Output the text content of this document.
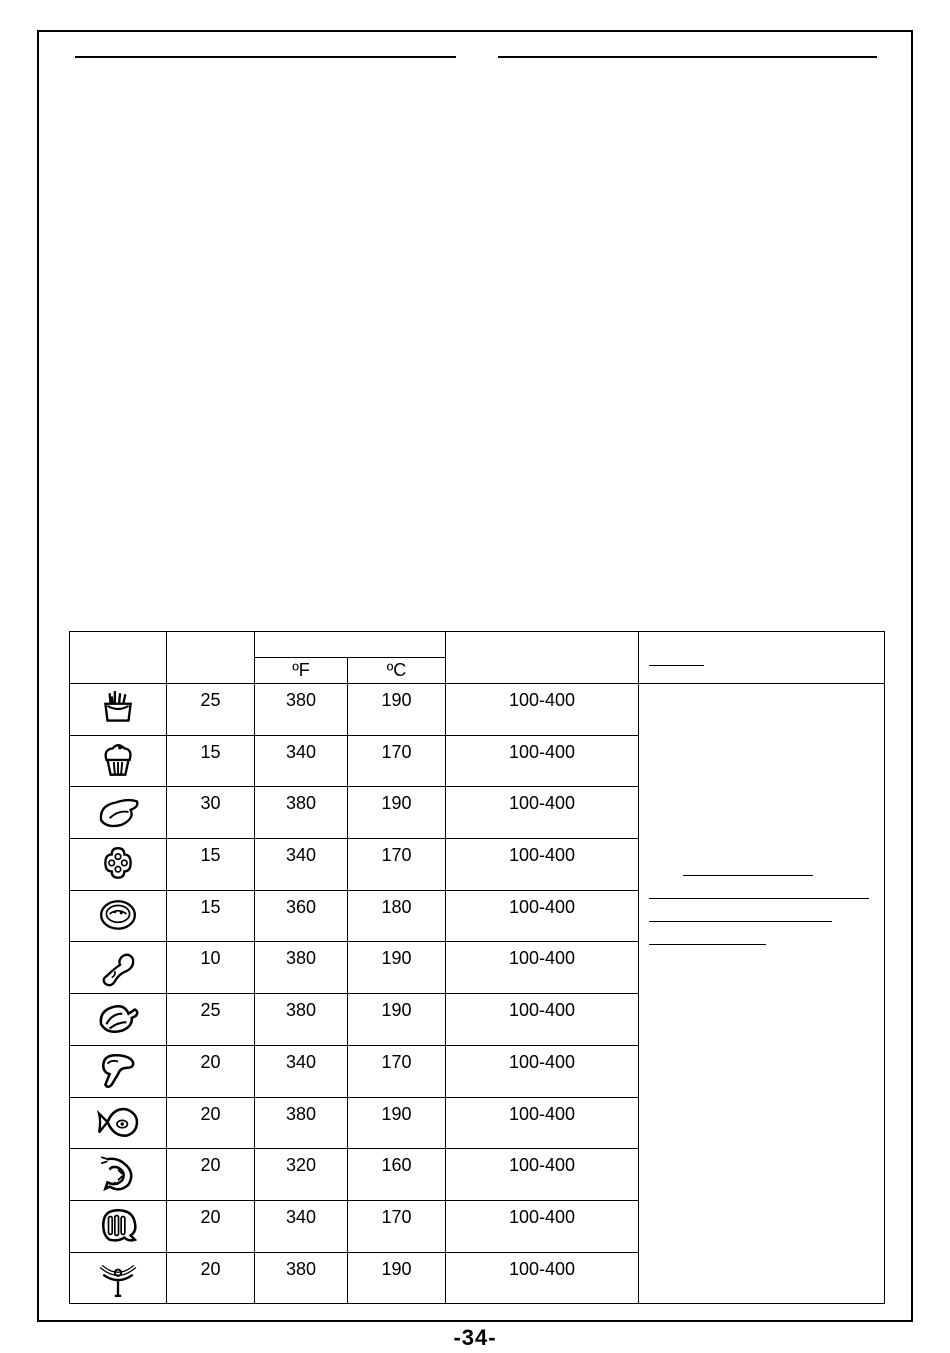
		ºF	ºC		

	25	380	190	100-400	

	15	340	170	100-400	

	30	380	190	100-400	

	15	340	170	100-400	

	15	360	180	100-400	

	10	380	190	100-400	

	25	380	190	100-400	

	20	340	170	100-400	

	20	380	190	100-400	

	20	320	160	100-400	

	20	340	170	100-400	

	20	380	190	100-400	
-34-
